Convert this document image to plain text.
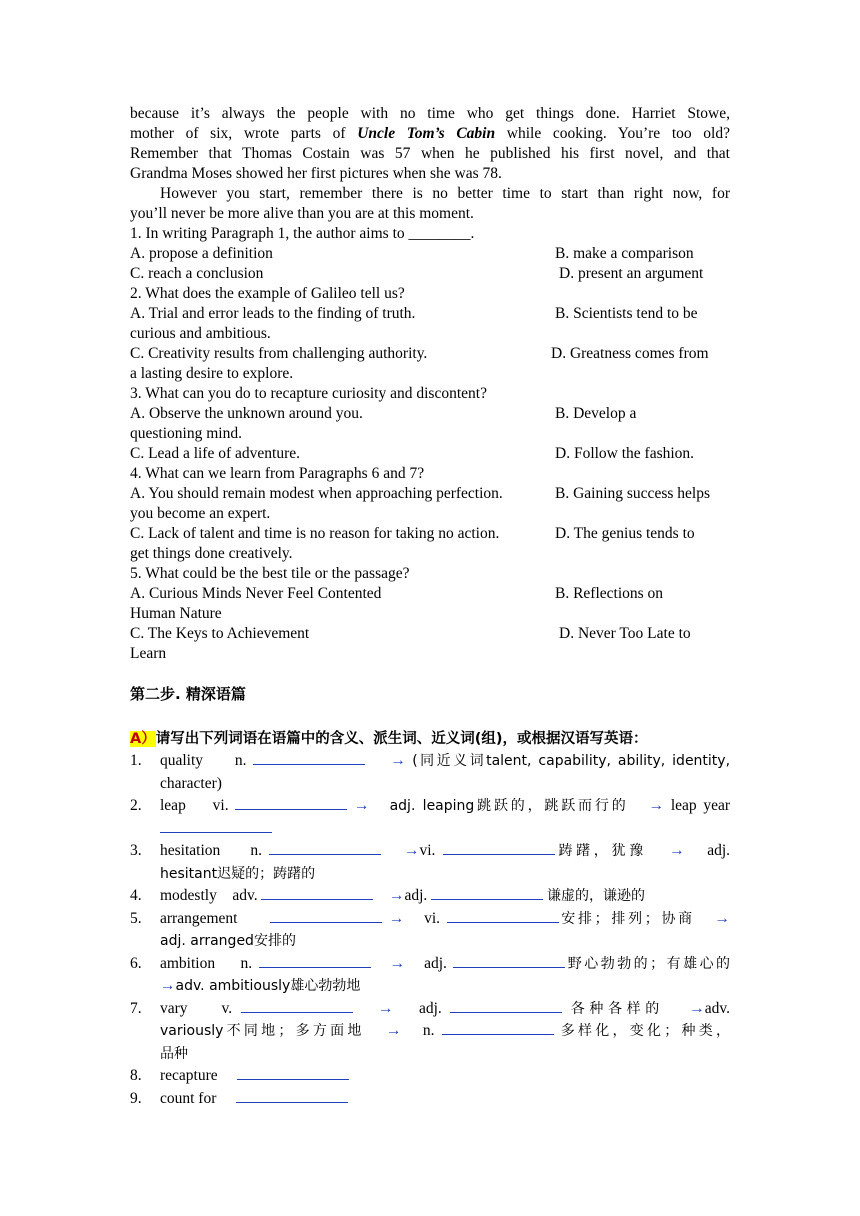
because it’s always the people with no time who get things done. Harriet Stowe,
mother of six, wrote parts of Uncle Tom’s Cabin while cooking. You’re too old?
Remember that Thomas Costain was 57 when he published his first novel, and that
Grandma Moses showed her first pictures when she was 78.
However you start, remember there is no better time to start than right now, for
you’ll never be more alive than you are at this moment.
1. In writing Paragraph 1, the author aims to ________.
A. propose a definition	B. make a comparison
C. reach a conclusion	D. present an argument
2. What does the example of Galileo tell us?
A. Trial and error leads to the finding of truth.	B. Scientists tend to be
curious and ambitious.
C. Creativity results from challenging authority.	D. Greatness comes from
a lasting desire to explore.
3. What can you do to recapture curiosity and discontent?
A. Observe the unknown around you.	B. Develop a
questioning mind.
C. Lead a life of adventure.	D. Follow the fashion.
4. What can we learn from Paragraphs 6 and 7?
A. You should remain modest when approaching perfection.	B. Gaining success helps
you become an expert.
C. Lack of talent and time is no reason for taking no action.	D. The genius tends to
get things done creatively.
5. What could be the best tile or the passage?
A. Curious Minds Never Feel Contented	B. Reflections on
Human Nature
C. The Keys to Achievement	D. Never Too Late to
Learn
第二步. 精深语篇
A）请写出下列词语在语篇中的含义、派生词、近义词(组)，或根据汉语写英语：
1. quality n.	→ (同近义词talent, capability, ability, identity,
character)
2. leap vi.	→ adj. leaping跳跃的，跳跃而行的 → leap year
3. hesitation n.	→vi.	踌躇，犹豫 → adj.
hesitant迟疑的；踌躇的
4. modestly adv.	→adj.	谦虚的，谦逊的
5. arrangement	→ vi.	安排；排列；协商 →
adj. arranged安排的
6. ambition n.	→ adj.	野心勃勃的；有雄心的
→adv. ambitiously雄心勃勃地
7. vary v.	→ adj.	各种各样的 →adv.
variously不同地；多方面地 → n.	多样化，变化；种类，
品种
8. recapture
9. count for
